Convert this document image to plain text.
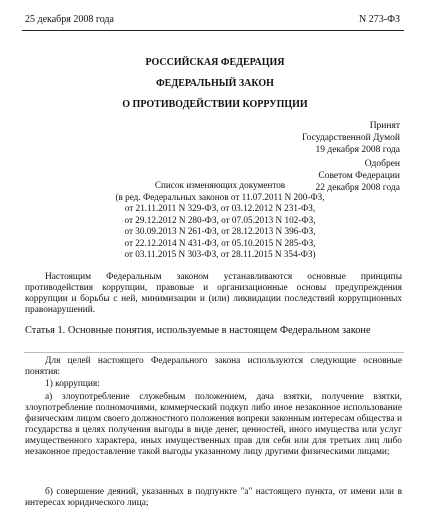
25 декабря 2008 года	N 273-ФЗ
РОССИЙСКАЯ ФЕДЕРАЦИЯ
ФЕДЕРАЛЬНЫЙ ЗАКОН
О ПРОТИВОДЕЙСТВИИ КОРРУПЦИИ
Принят
Государственной Думой
19 декабря 2008 года
Одобрен
Советом Федерации
22 декабря 2008 года
Список изменяющих документов
(в ред. Федеральных законов от 11.07.2011 N 200-ФЗ,
от 21.11.2011 N 329-ФЗ, от 03.12.2012 N 231-ФЗ,
от 29.12.2012 N 280-ФЗ, от 07.05.2013 N 102-ФЗ,
от 30.09.2013 N 261-ФЗ, от 28.12.2013 N 396-ФЗ,
от 22.12.2014 N 431-ФЗ, от 05.10.2015 N 285-ФЗ,
от 03.11.2015 N 303-ФЗ, от 28.11.2015 N 354-ФЗ)
Настоящим Федеральным законом устанавливаются основные принципы противодействия коррупции, правовые и организационные основы предупреждения коррупции и борьбы с ней, минимизации и (или) ликвидации последствий коррупционных правонарушений.
Статья 1. Основные понятия, используемые в настоящем Федеральном законе
Для целей настоящего Федерального закона используются следующие основные понятия:
1) коррупция:
а) злоупотребление служебным положением, дача взятки, получение взятки, злоупотребление полномочиями, коммерческий подкуп либо иное незаконное использование физическим лицом своего должностного положения вопреки законным интересам общества и государства в целях получения выгоды в виде денег, ценностей, иного имущества или услуг имущественного характера, иных имущественных прав для себя или для третьих лиц либо незаконное предоставление такой выгоды указанному лицу другими физическими лицами;
б) совершение деяний, указанных в подпункте "а" настоящего пункта, от имени или в интересах юридического лица;
